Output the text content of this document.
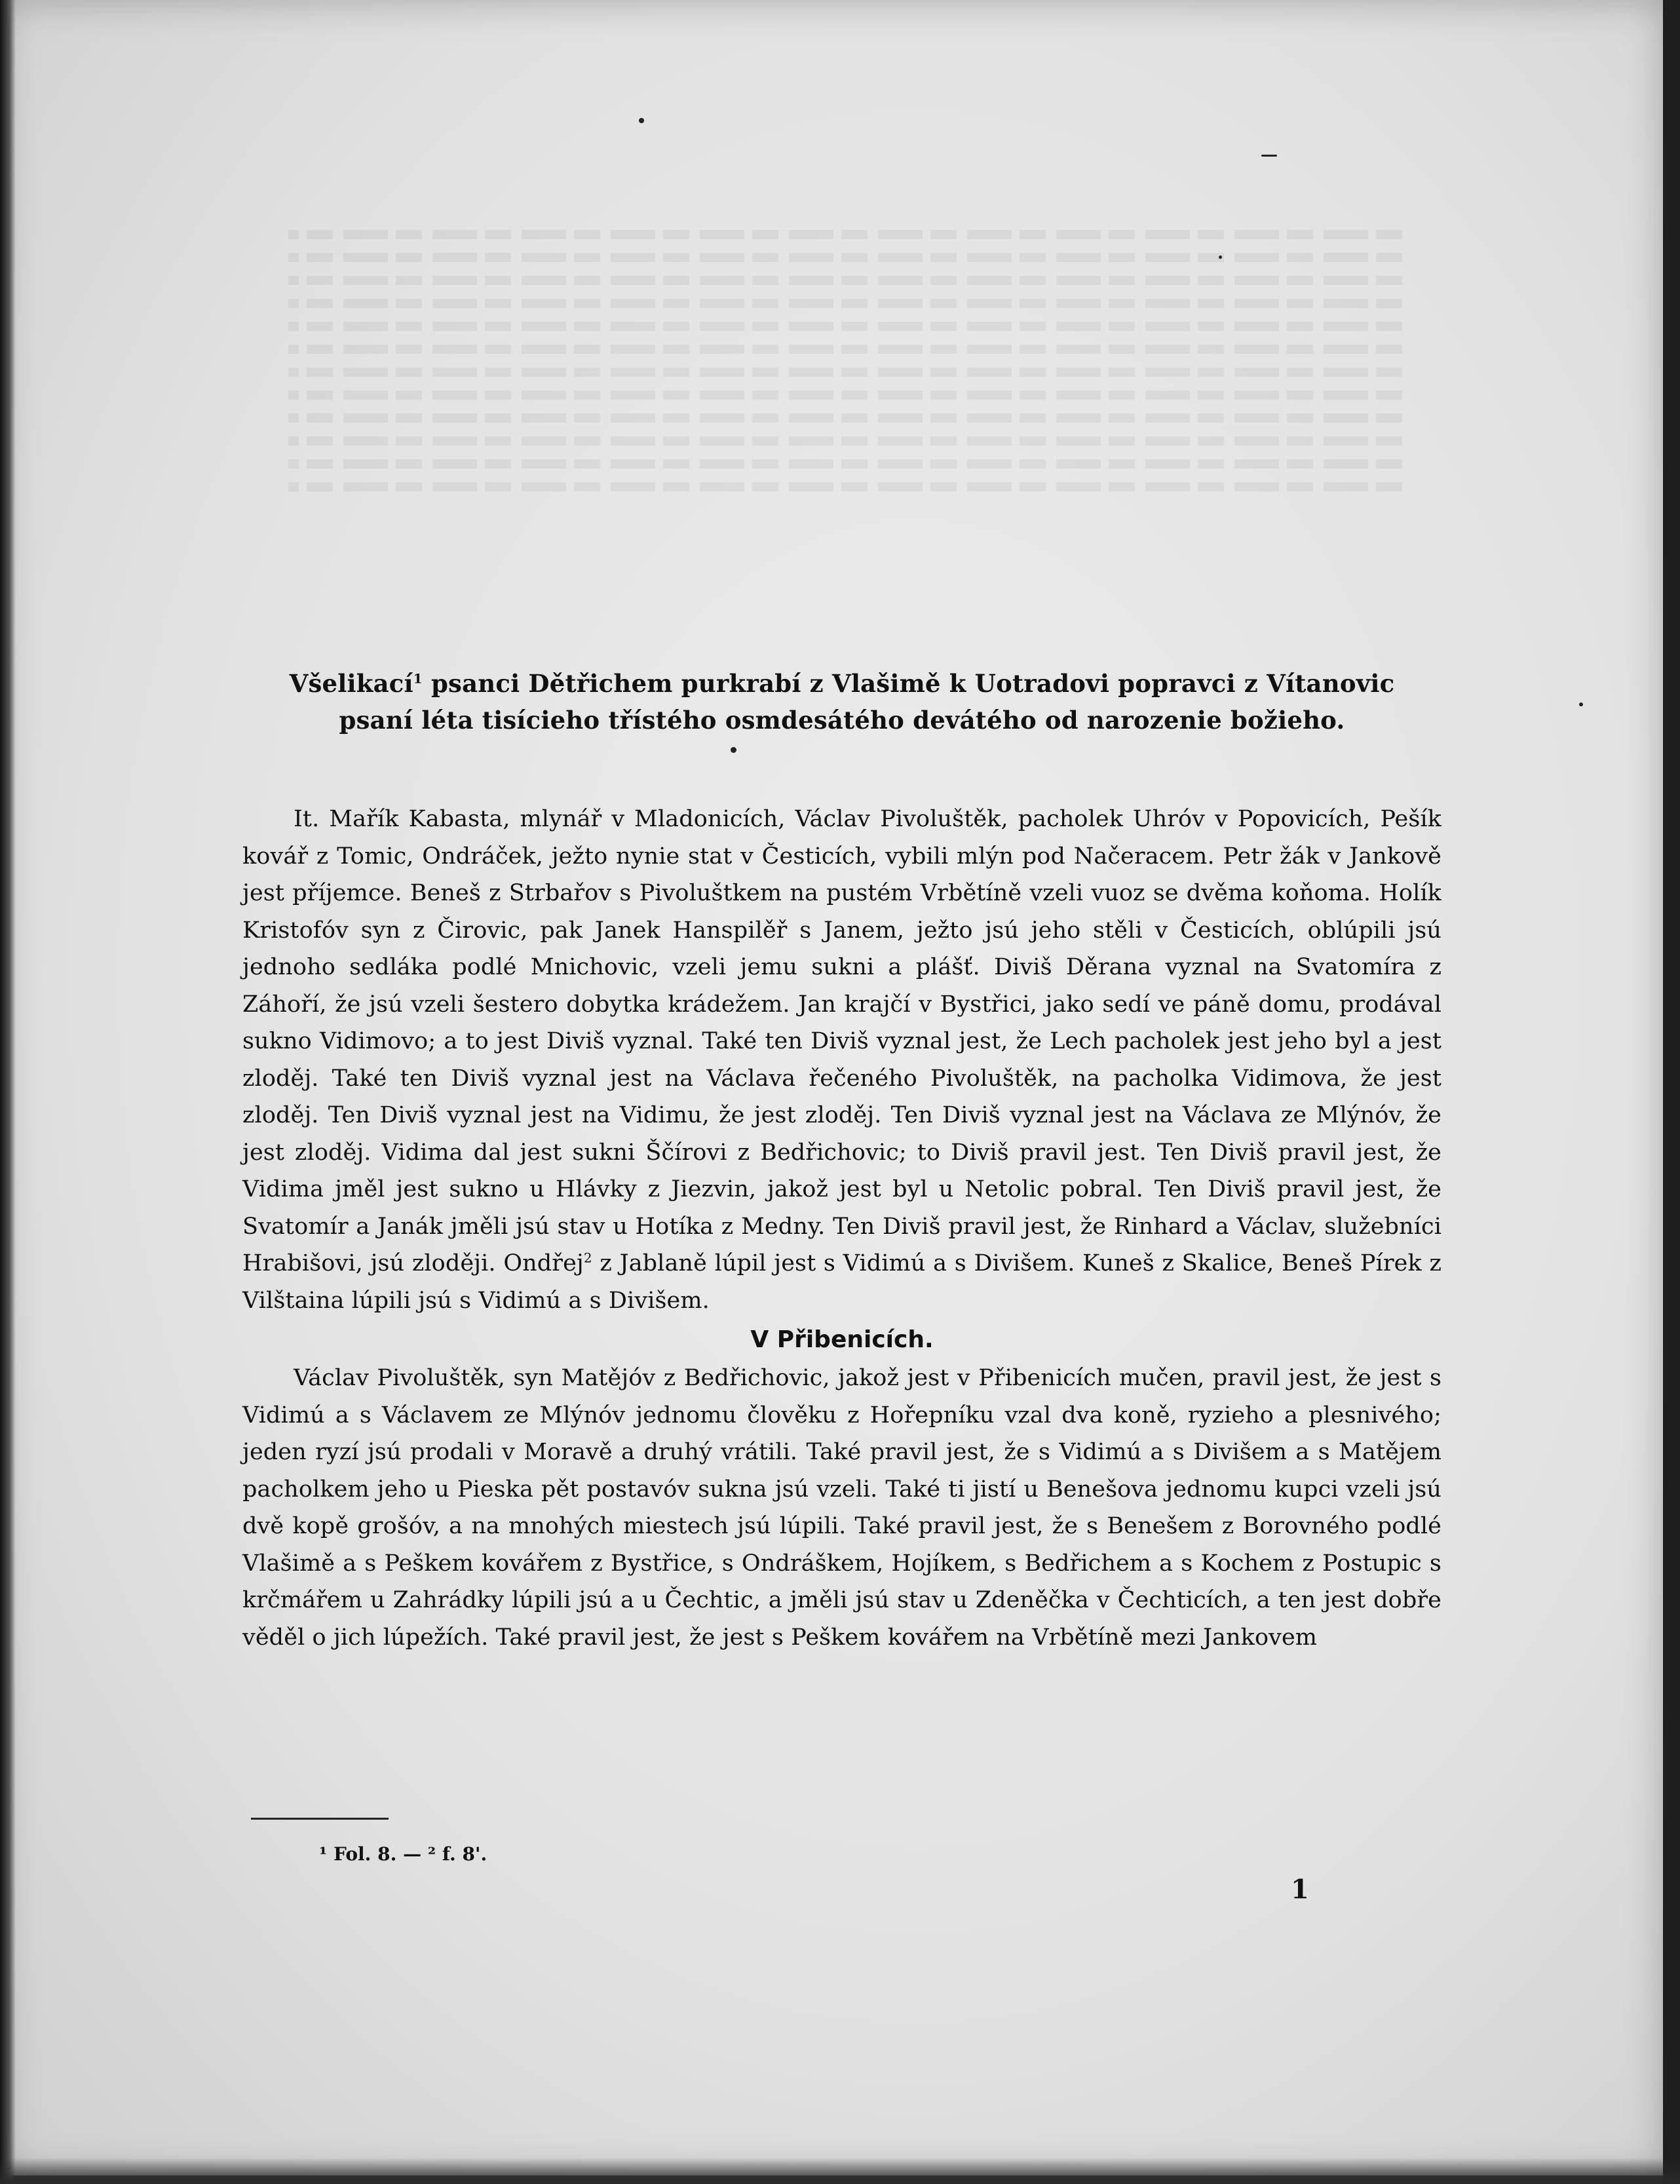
Všelikací$^1$ psanci Dětřichem purkrabí z Vlašimě k Uotradovi popravci z Vítanovic
psaní léta tisícieho třístého osmdesátého devátého od narozenie božieho.

It. Mařík Kabasta, mlynář v Mladonicích, Václav Pivoluštěk, pacholek Uhróv v Popovicích, Pešík kovář z Tomic, Ondráček, ježto nynie stat v Česticích, vybili mlýn pod Načeracem. Petr žák v Jankově jest příjemce. Beneš z Strbařov s Pivoluštkem na pustém Vrbětíně vzeli vuoz se dvěma koňoma. Holík Kristofóv syn z Čirovic, pak Janek Hanspilěř s Janem, ježto jsú jeho stěli v Česticích, oblúpili jsú jednoho sedláka podlé Mnichovic, vzeli jemu sukni a plášť. Diviš Děrana vyznal na Svatomíra z Záhoří, že jsú vzeli šestero dobytka krádežem. Jan krajčí v Bystřici, jako sedí ve páně domu, prodával sukno Vidimovo; a to jest Diviš vyznal. Také ten Diviš vyznal jest, že Lech pacholek jest jeho byl a jest zloděj. Také ten Diviš vyznal jest na Václava řečeného Pivoluštěk, na pacholka Vidimova, že jest zloděj. Ten Diviš vyznal jest na Vidimu, že jest zloděj. Ten Diviš vyznal jest na Václava ze Mlýnóv, že jest zloděj. Vidima dal jest sukni Ščírovi z Bedřichovic; to Diviš pravil jest. Ten Diviš pravil jest, že Vidima jměl jest sukno u Hlávky z Jiezvin, jakož jest byl u Netolic pobral. Ten Diviš pravil jest, že Svatomír a Janák jměli jsú stav u Hotíka z Medny. Ten Diviš pravil jest, že Rinhard a Václav, služebníci Hrabišovi, jsú zloději. Ondřej$^2$ z Jablaně lúpil jest s Vidimú a s Divišem. Kuneš z Skalice, Beneš Pírek z Vilštaina lúpili jsú s Vidimú a s Divišem.

V Přibenicích.

Václav Pivoluštěk, syn Matějóv z Bedřichovic, jakož jest v Přibenicích mučen, pravil jest, že jest s Vidimú a s Václavem ze Mlýnóv jednomu člověku z Hořepníku vzal dva koně, ryzieho a plesnivého; jeden ryzí jsú prodali v Moravě a druhý vrátili. Také pravil jest, že s Vidimú a s Divišem a s Matějem pacholkem jeho u Pieska pět postavóv sukna jsú vzeli. Také ti jistí u Benešova jednomu kupci vzeli jsú dvě kopě grošóv, a na mnohých miestech jsú lúpili. Také pravil jest, že s Benešem z Borovného podlé Vlašimě a s Peškem kovářem z Bystřice, s Ondráškem, Hojíkem, s Bedřichem a s Kochem z Postupic s krčmářem u Zahrádky lúpili jsú a u Čechtic, a jměli jsú stav u Zdeněčka v Čechticích, a ten jest dobře věděl o jich lúpežích. Také pravil jest, že jest s Peškem kovářem na Vrbětíně mezi Jankovem

¹ Fol. 8. — ² f. 8'.
1
